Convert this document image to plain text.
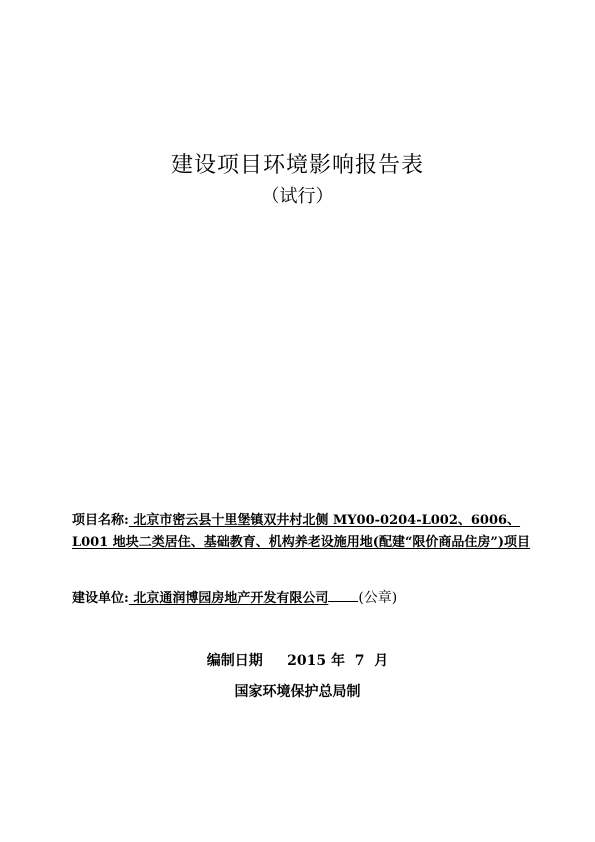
建设项目环境影响报告表
（试行）
项目名称: 北京市密云县十里堡镇双井村北侧 MY00-0204-L002、6006、L001 地块二类居住、基础教育、机构养老设施用地(配建“限价商品住房”)项目
建设单位: 北京通润博园房地产开发有限公司 (公章)
编制日期 2015 年 7 月
国家环境保护总局制
